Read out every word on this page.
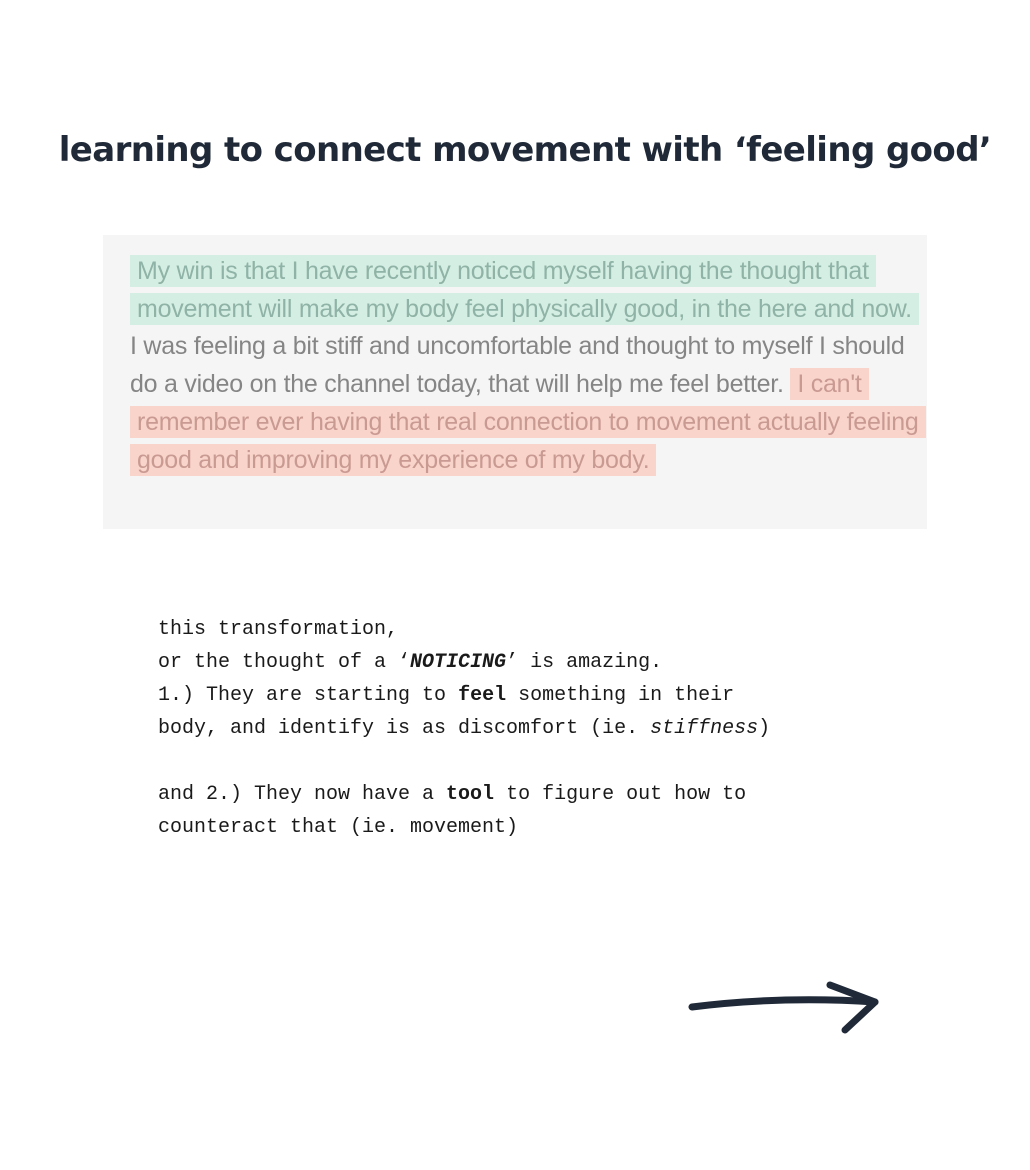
learning to connect movement with ‘feeling good’

My win is that I have recently noticed myself having the thought that movement will make my body feel physically good, in the here and now. I was feeling a bit stiff and uncomfortable and thought to myself I should do a video on the channel today, that will help me feel better. I can't remember ever having that real connection to movement actually feeling good and improving my experience of my body.

this transformation,

or the thought of a ‘NOTICING’ is amazing.

1.) They are starting to feel something in their

body, and identify is as discomfort (ie. stiffness)

and 2.) They now have a tool to figure out how to

counteract that (ie. movement)
